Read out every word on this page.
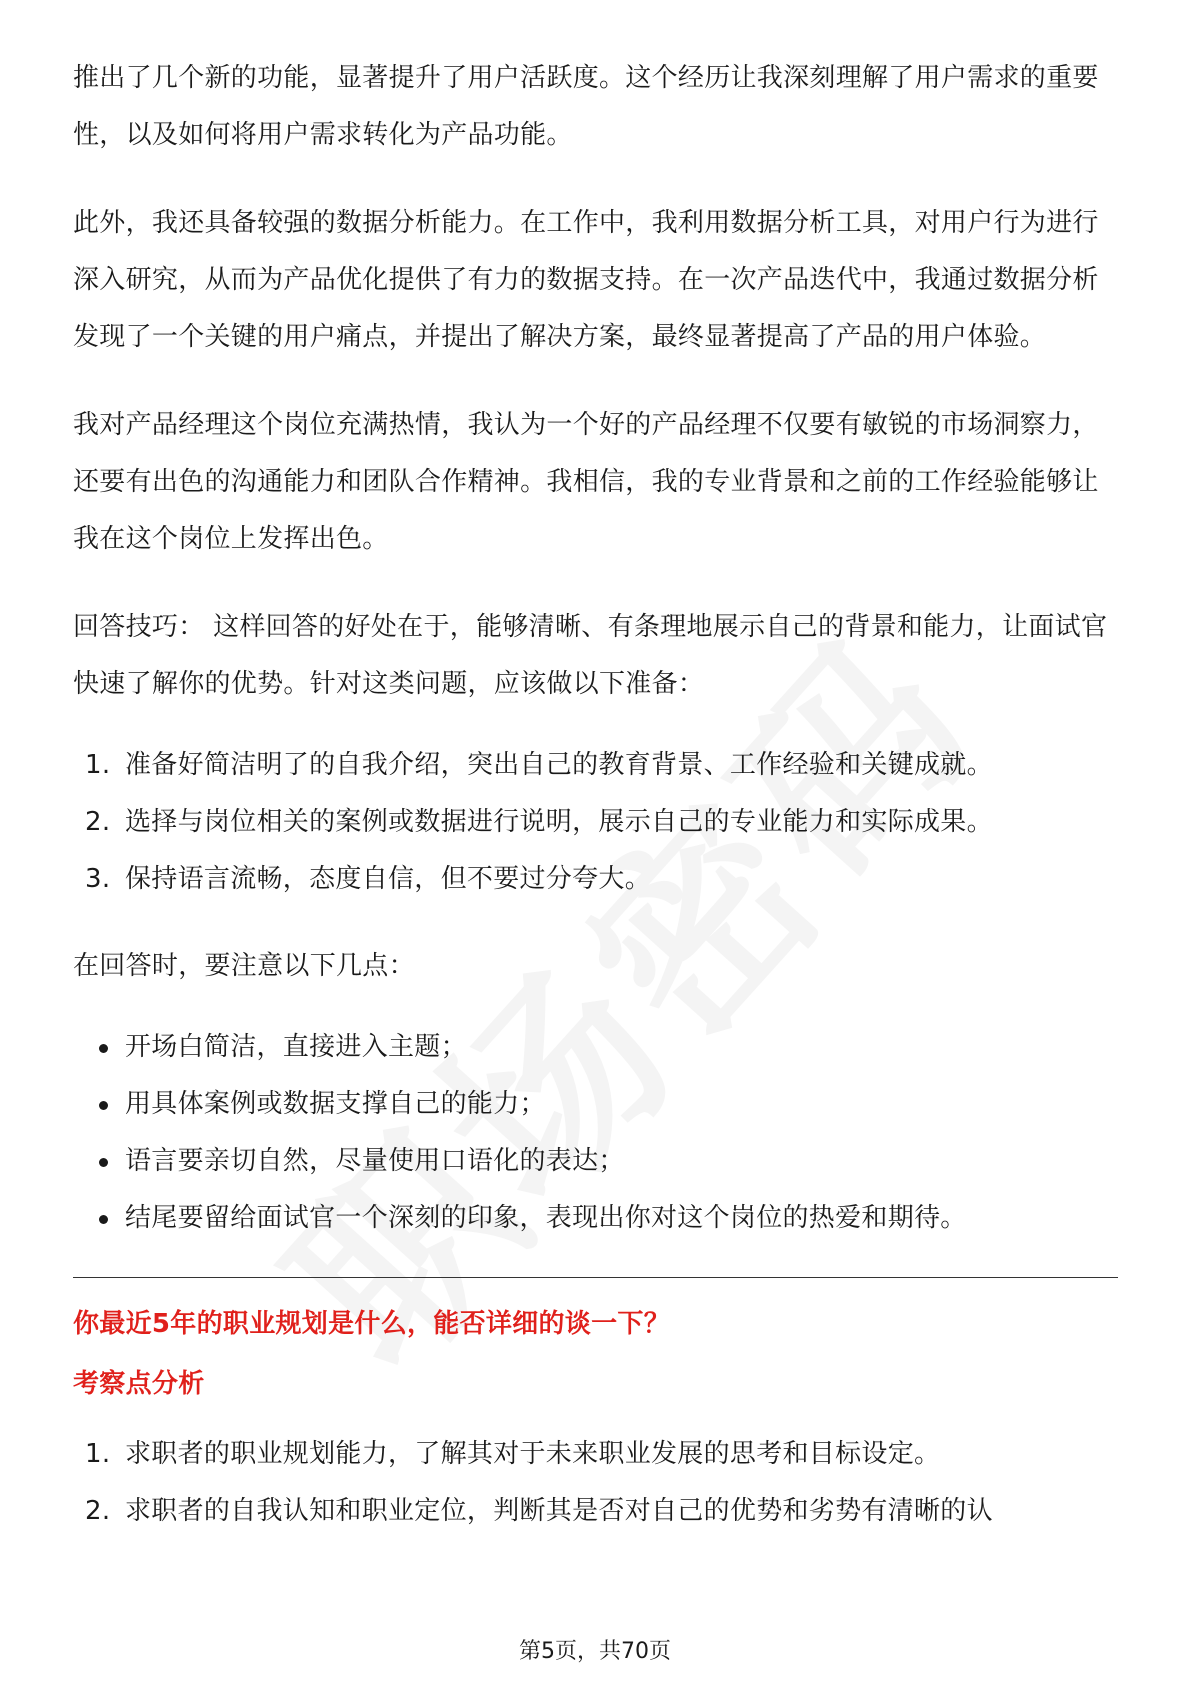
推出了几个新的功能，显著提升了用户活跃度。这个经历让我深刻理解了用户需求的重要性，以及如何将用户需求转化为产品功能。

此外，我还具备较强的数据分析能力。在工作中，我利用数据分析工具，对用户行为进行深入研究，从而为产品优化提供了有力的数据支持。在一次产品迭代中，我通过数据分析发现了一个关键的用户痛点，并提出了解决方案，最终显著提高了产品的用户体验。

我对产品经理这个岗位充满热情，我认为一个好的产品经理不仅要有敏锐的市场洞察力，还要有出色的沟通能力和团队合作精神。我相信，我的专业背景和之前的工作经验能够让我在这个岗位上发挥出色。

回答技巧： 这样回答的好处在于，能够清晰、有条理地展示自己的背景和能力，让面试官快速了解你的优势。针对这类问题，应该做以下准备：

1. 准备好简洁明了的自我介绍，突出自己的教育背景、工作经验和关键成就。
2. 选择与岗位相关的案例或数据进行说明，展示自己的专业能力和实际成果。
3. 保持语言流畅，态度自信，但不要过分夸大。

在回答时，要注意以下几点：

开场白简洁，直接进入主题；
用具体案例或数据支撑自己的能力；
语言要亲切自然，尽量使用口语化的表达；
结尾要留给面试官一个深刻的印象，表现出你对这个岗位的热爱和期待。
你最近5年的职业规划是什么，能否详细的谈一下？
考察点分析
1. 求职者的职业规划能力，了解其对于未来职业发展的思考和目标设定。
2. 求职者的自我认知和职业定位，判断其是否对自己的优势和劣势有清晰的认
第5页，共70页
